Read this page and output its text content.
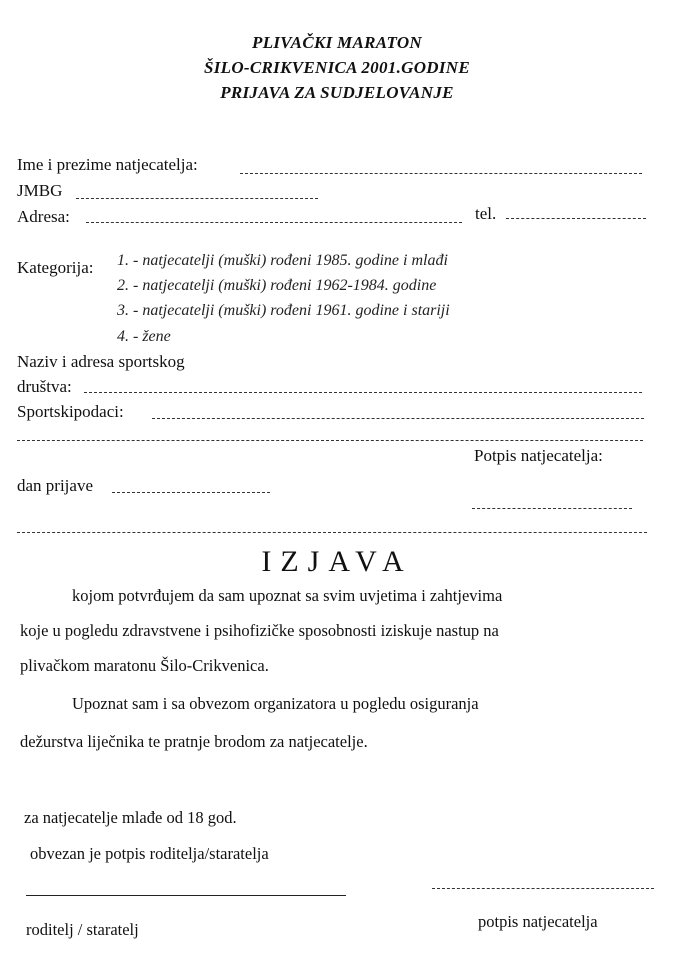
PLIVAČKI MARATON
ŠILO-CRIKVENICA 2001.GODINE
PRIJAVA ZA SUDJELOVANJE
Ime i prezime natjecatelja:
JMBG
Adresa:	tel.
Kategorija: 1. - natjecatelji (muški) rođeni 1985. godine i mlađi
2. - natjecatelji (muški) rođeni 1962-1984. godine
3. - natjecatelji (muški) rođeni 1961. godine i stariji
4. - žene
Naziv i adresa sportskog
društva:
Sportskipodaci:
Potpis natjecatelja:
dan prijave
IZJAVA
kojom potvrđujem da sam upoznat sa svim uvjetima i zahtjevima
koje u pogledu zdravstvene i psihofizičke sposobnosti iziskuje nastup na
plivačkom maratonu Šilo-Crikvenica.
Upoznat sam i sa obvezom organizatora u pogledu osiguranja
dežurstva liječnika te pratnje brodom za natjecatelje.
za natjecatelje mlađe od 18 god.
obvezan je potpis roditelja/staratelja
roditelj / staratelj	potpis natjecatelja
